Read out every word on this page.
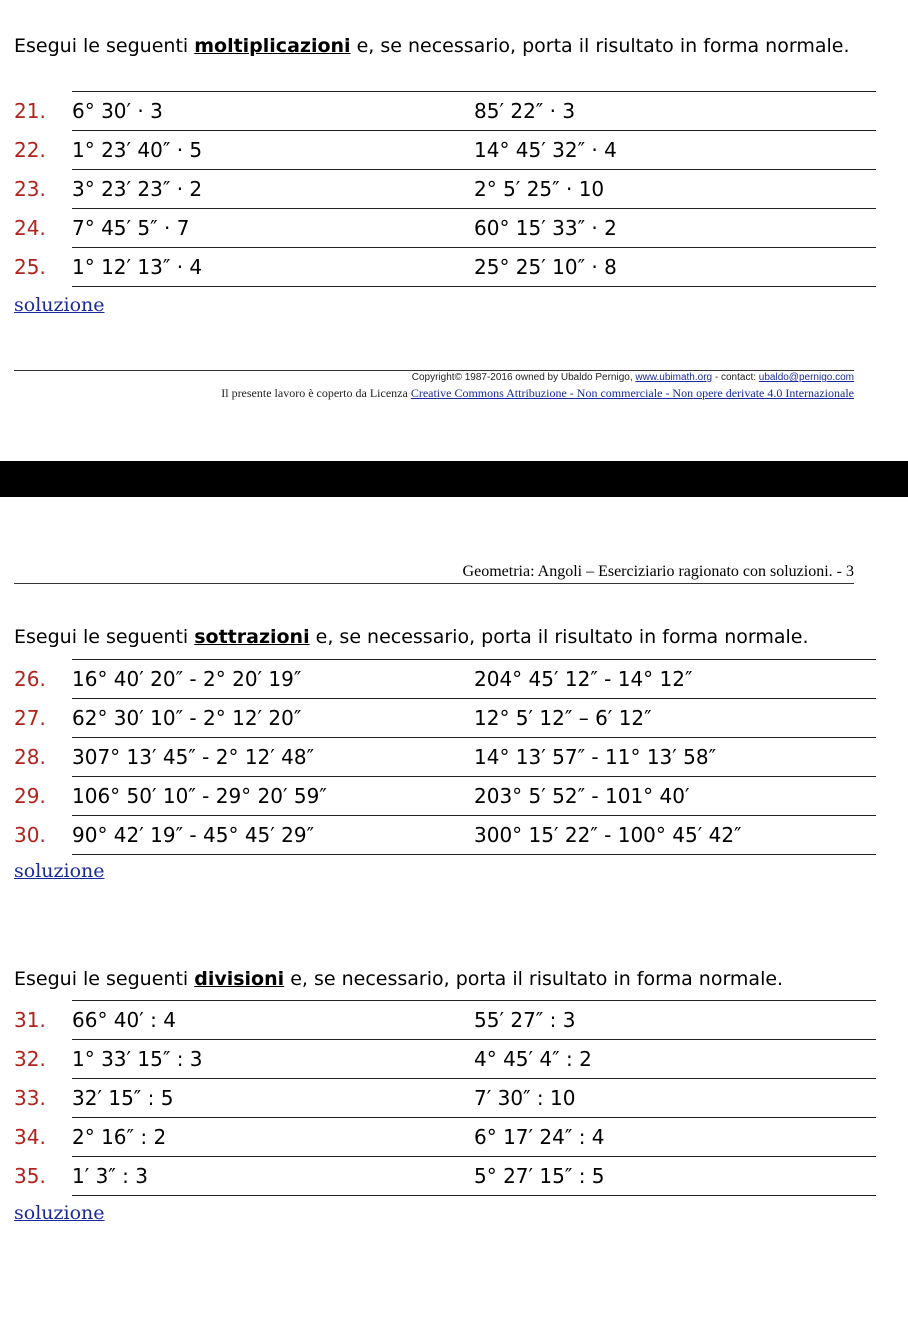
Esegui le seguenti moltiplicazioni e, se necessario, porta il risultato in forma normale.
21.	6° 30′ · 3	85′ 22″ · 3
22.	1° 23′ 40″ · 5	14° 45′ 32″ · 4
23.	3° 23′ 23″ · 2	2° 5′ 25″ · 10
24.	7° 45′ 5″ · 7	60° 15′ 33″ · 2
25.	1° 12′ 13″ · 4	25° 25′ 10″ · 8
soluzione
Copyright© 1987-2016 owned by Ubaldo Pernigo, www.ubimath.org - contact: ubaldo@pernigo.com
Il presente lavoro è coperto da Licenza Creative Commons Attribuzione - Non commerciale - Non opere derivate 4.0 Internazionale
Geometria: Angoli – Eserciziario ragionato con soluzioni. - 3
Esegui le seguenti sottrazioni e, se necessario, porta il risultato in forma normale.
26.	16° 40′ 20″ - 2° 20′ 19″	204° 45′ 12″ - 14° 12″
27.	62° 30′ 10″ - 2° 12′ 20″	12° 5′ 12″ – 6′ 12″
28.	307° 13′ 45″ - 2° 12′ 48″	14° 13′ 57″ - 11° 13′ 58″
29.	106° 50′ 10″ - 29° 20′ 59″	203° 5′ 52″ - 101° 40′
30.	90° 42′ 19″ - 45° 45′ 29″	300° 15′ 22″ - 100° 45′ 42″
soluzione
Esegui le seguenti divisioni e, se necessario, porta il risultato in forma normale.
31.	66° 40′ : 4	55′ 27″ : 3
32.	1° 33′ 15″ : 3	4° 45′ 4″ : 2
33.	32′ 15″ : 5	7′ 30″ : 10
34.	2° 16″ : 2	6° 17′ 24″ : 4
35.	1′ 3″ : 3	5° 27′ 15″ : 5
soluzione
